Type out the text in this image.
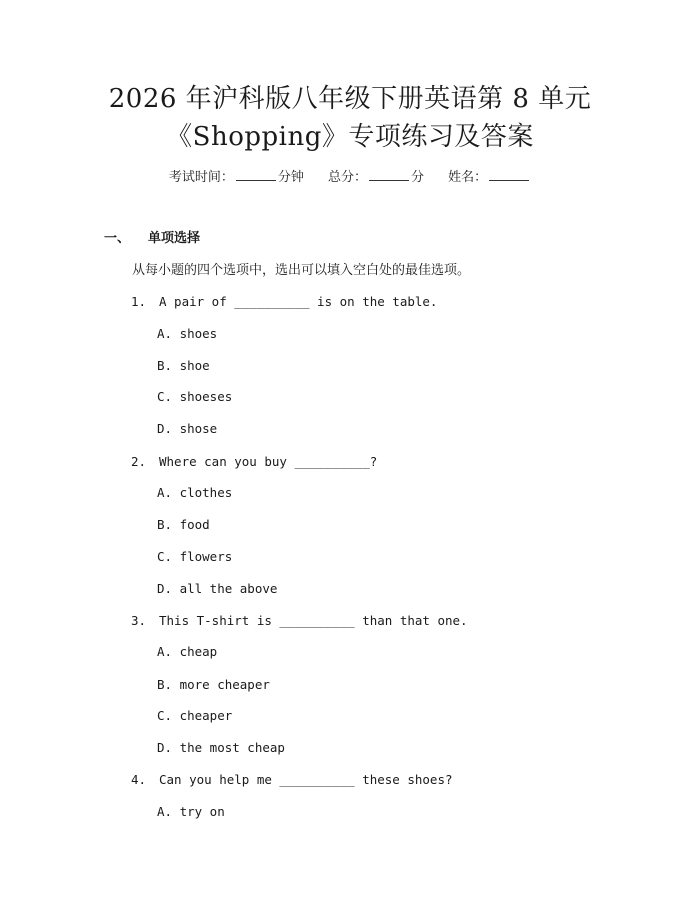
2026 年沪科版八年级下册英语第 8 单元
《Shopping》专项练习及答案
考试时间：	分钟 总分：	分 姓名：
一、 单项选择
从每小题的四个选项中，选出可以填入空白处的最佳选项。
1. A pair of __________ is on the table.
A. shoes
B. shoe
C. shoeses
D. shose
2. Where can you buy __________?
A. clothes
B. food
C. flowers
D. all the above
3. This T-shirt is __________ than that one.
A. cheap
B. more cheaper
C. cheaper
D. the most cheap
4. Can you help me __________ these shoes?
A. try on
